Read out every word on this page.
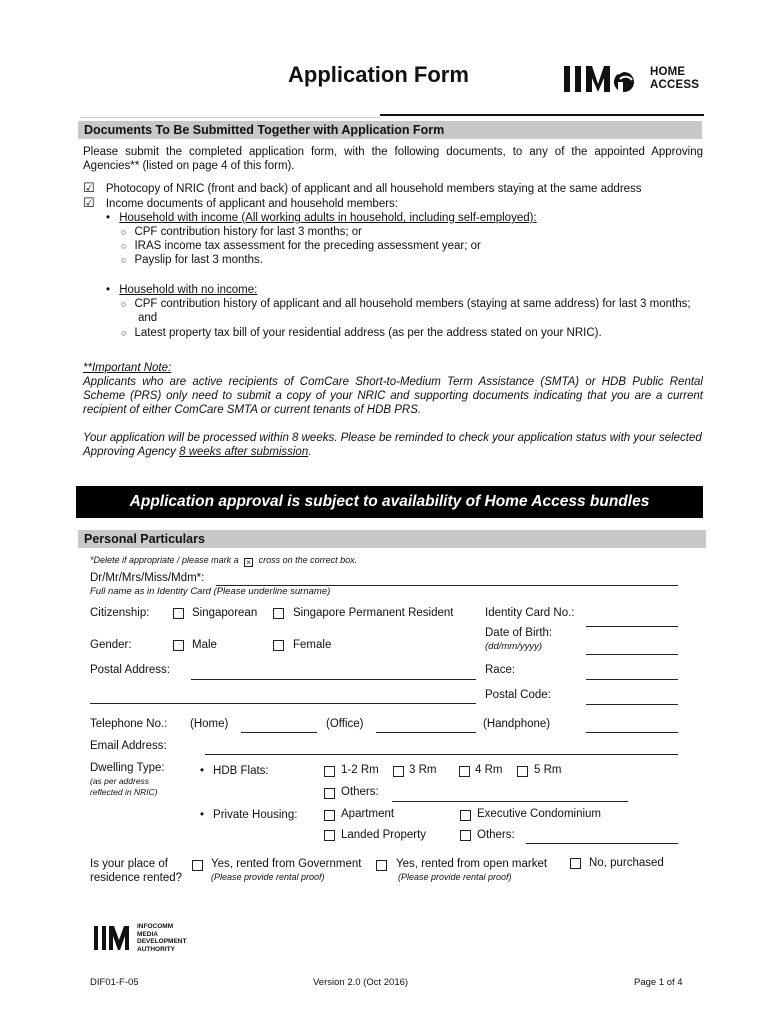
Application Form	HOME
ACCESS
Documents To Be Submitted Together with Application Form
Please submit the completed application form, with the following documents, to any of the appointed Approving
Agencies** (listed on page 4 of this form).
☑ Photocopy of NRIC (front and back) of applicant and all household members staying at the same address
☑ Income documents of applicant and household members:
• Household with income (All working adults in household, including self-employed):
○ CPF contribution history for last 3 months; or
○ IRAS income tax assessment for the preceding assessment year; or
○ Payslip for last 3 months.
• Household with no income:
○ CPF contribution history of applicant and all household members (staying at same address) for last 3 months;
and
○ Latest property tax bill of your residential address (as per the address stated on your NRIC).
**Important Note:
Applicants who are active recipients of ComCare Short-to-Medium Term Assistance (SMTA) or HDB Public Rental
Scheme (PRS) only need to submit a copy of your NRIC and supporting documents indicating that you are a current
recipient of either ComCare SMTA or current tenants of HDB PRS.
Your application will be processed within 8 weeks. Please be reminded to check your application status with your selected
Approving Agency 8 weeks after submission.
Application approval is subject to availability of Home Access bundles
Personal Particulars
*Delete if appropriate / please mark a × cross on the correct box.
Dr/Mr/Mrs/Miss/Mdm*:
Full name as in Identity Card (Please underline surname)
Citizenship:	Singaporean	Singapore Permanent Resident	Identity Card No.:
Gender:	Male	Female
Date of Birth:
(dd/mm/yyyy)
Postal Address:	Race:
Postal Code:
Telephone No.: (Home)	(Office)	(Handphone)
Email Address:
Dwelling Type:
(as per address
reflected in NRIC)
• HDB Flats:	1-2 Rm	3 Rm	4 Rm	5 Rm
Others:
• Private Housing:	Apartment	Executive Condominium
Landed Property	Others:
Is your place of
residence rented?
Yes, rented from Government
(Please provide rental proof)
Yes, rented from open market
(Please provide rental proof)
No, purchased
INFOCOMM
MEDIA
DEVELOPMENT
AUTHORITY
DIF01-F-05	Version 2.0 (Oct 2016)	Page 1 of 4
